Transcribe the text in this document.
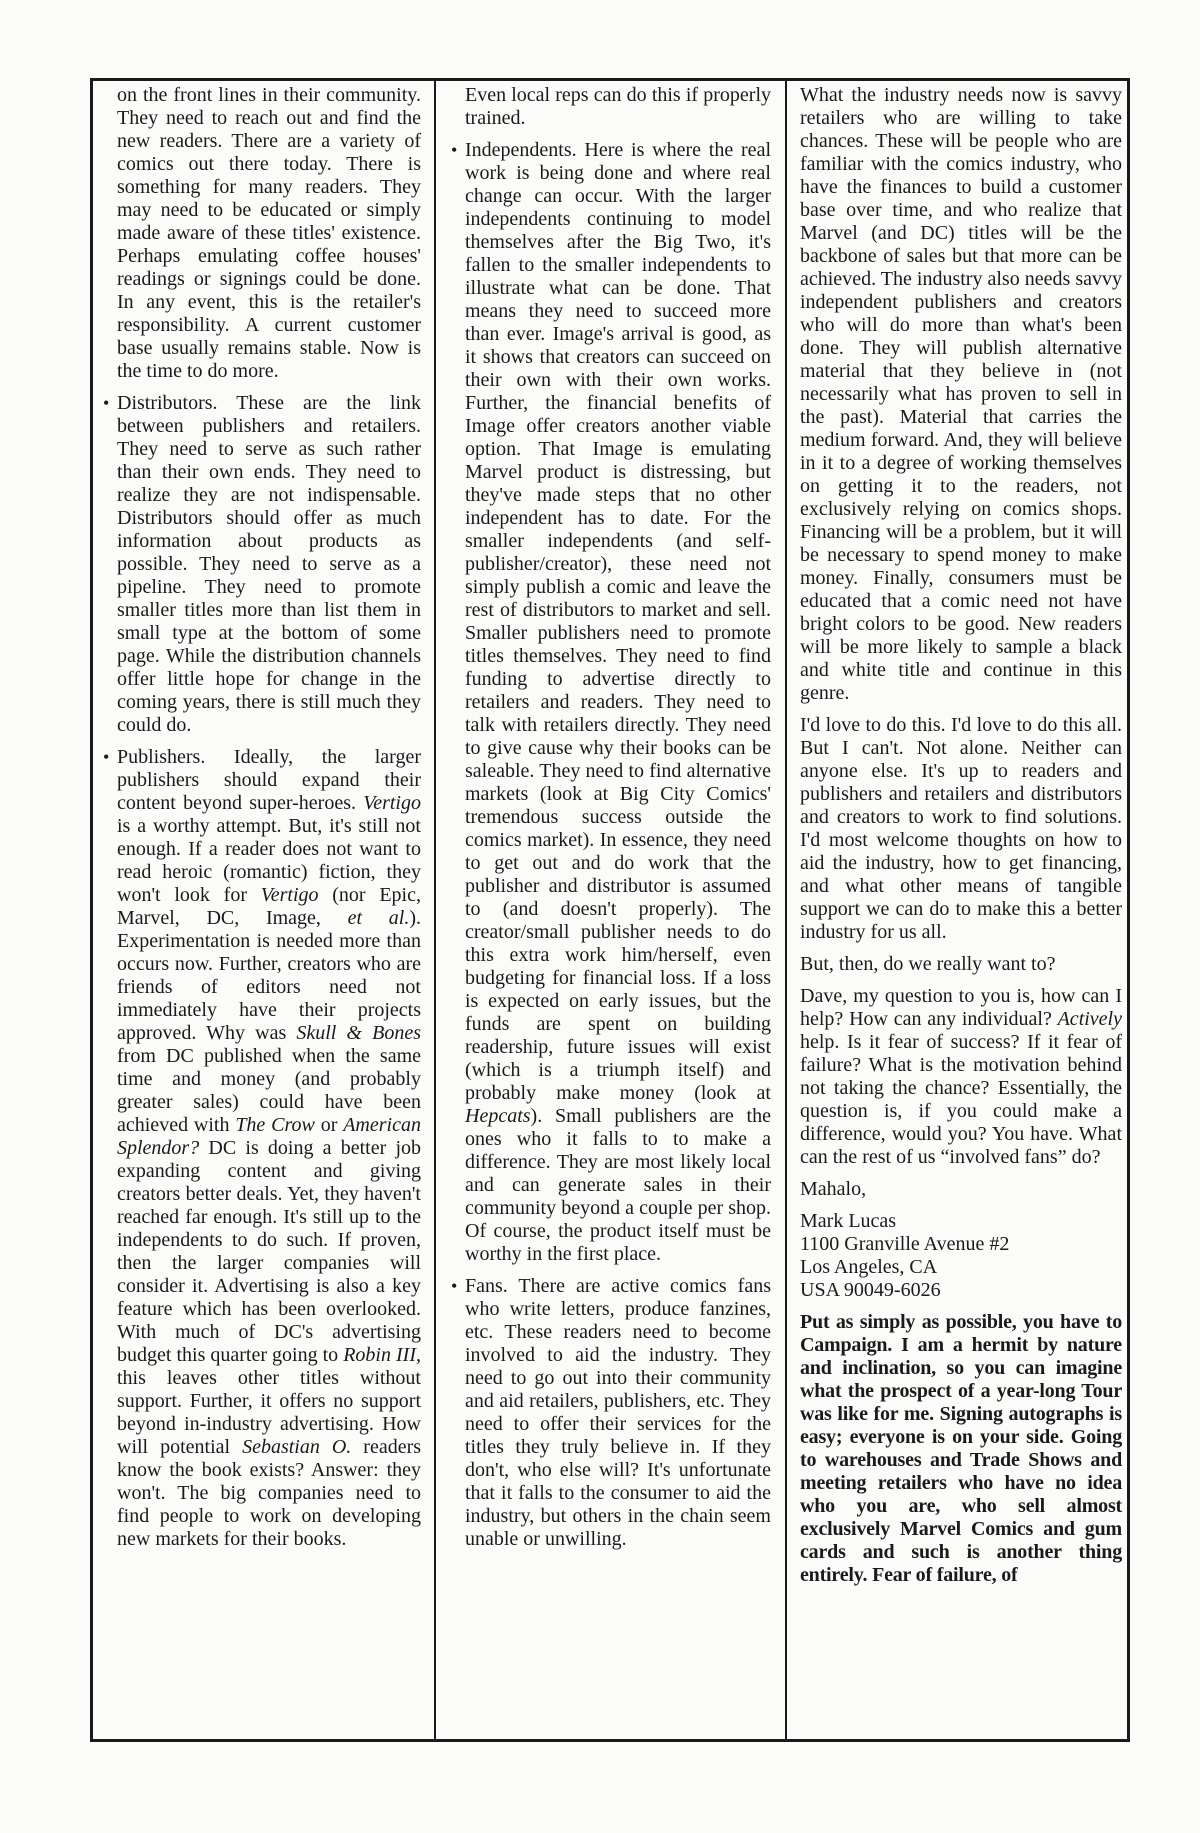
on the front lines in their community. They need to reach out and find the new readers. There are a variety of comics out there today. There is something for many readers. They may need to be educated or simply made aware of these titles' existence. Perhaps emulating coffee houses' readings or signings could be done. In any event, this is the retailer's responsibility. A current customer base usually remains stable. Now is the time to do more.

• Distributors. These are the link between publishers and retailers. They need to serve as such rather than their own ends. They need to realize they are not indispensable. Distributors should offer as much information about products as possible. They need to serve as a pipeline. They need to promote smaller titles more than list them in small type at the bottom of some page. While the distribution channels offer little hope for change in the coming years, there is still much they could do.

• Publishers. Ideally, the larger publishers should expand their content beyond super-heroes. Vertigo is a worthy attempt. But, it's still not enough. If a reader does not want to read heroic (romantic) fiction, they won't look for Vertigo (nor Epic, Marvel, DC, Image, et al.). Experimentation is needed more than occurs now. Further, creators who are friends of editors need not immediately have their projects approved. Why was Skull & Bones from DC published when the same time and money (and probably greater sales) could have been achieved with The Crow or American Splendor? DC is doing a better job expanding content and giving creators better deals. Yet, they haven't reached far enough. It's still up to the independents to do such. If proven, then the larger companies will consider it. Advertising is also a key feature which has been overlooked. With much of DC's advertising budget this quarter going to Robin III, this leaves other titles without support. Further, it offers no support beyond in-industry advertising. How will potential Sebastian O. readers know the book exists? Answer: they won't. The big companies need to find people to work on developing new markets for their books.

Even local reps can do this if properly trained.

• Independents. Here is where the real work is being done and where real change can occur. With the larger independents continuing to model themselves after the Big Two, it's fallen to the smaller independents to illustrate what can be done. That means they need to succeed more than ever. Image's arrival is good, as it shows that creators can succeed on their own with their own works. Further, the financial benefits of Image offer creators another viable option. That Image is emulating Marvel product is distressing, but they've made steps that no other independent has to date. For the smaller independents (and self-publisher/creator), these need not simply publish a comic and leave the rest of distributors to market and sell. Smaller publishers need to promote titles themselves. They need to find funding to advertise directly to retailers and readers. They need to talk with retailers directly. They need to give cause why their books can be saleable. They need to find alternative markets (look at Big City Comics' tremendous success outside the comics market). In essence, they need to get out and do work that the publisher and distributor is assumed to (and doesn't properly). The creator/small publisher needs to do this extra work him/herself, even budgeting for financial loss. If a loss is expected on early issues, but the funds are spent on building readership, future issues will exist (which is a triumph itself) and probably make money (look at Hepcats). Small publishers are the ones who it falls to to make a difference. They are most likely local and can generate sales in their community beyond a couple per shop. Of course, the product itself must be worthy in the first place.

• Fans. There are active comics fans who write letters, produce fanzines, etc. These readers need to become involved to aid the industry. They need to go out into their community and aid retailers, publishers, etc. They need to offer their services for the titles they truly believe in. If they don't, who else will? It's unfortunate that it falls to the consumer to aid the industry, but others in the chain seem unable or unwilling.

What the industry needs now is savvy retailers who are willing to take chances. These will be people who are familiar with the comics industry, who have the finances to build a customer base over time, and who realize that Marvel (and DC) titles will be the backbone of sales but that more can be achieved. The industry also needs savvy independent publishers and creators who will do more than what's been done. They will publish alternative material that they believe in (not necessarily what has proven to sell in the past). Material that carries the medium forward. And, they will believe in it to a degree of working themselves on getting it to the readers, not exclusively relying on comics shops. Financing will be a problem, but it will be necessary to spend money to make money. Finally, consumers must be educated that a comic need not have bright colors to be good. New readers will be more likely to sample a black and white title and continue in this genre.

I'd love to do this. I'd love to do this all. But I can't. Not alone. Neither can anyone else. It's up to readers and publishers and retailers and distributors and creators to work to find solutions. I'd most welcome thoughts on how to aid the industry, how to get financing, and what other means of tangible support we can do to make this a better industry for us all.

But, then, do we really want to?

Dave, my question to you is, how can I help? How can any individual? Actively help. Is it fear of success? If it fear of failure? What is the motivation behind not taking the chance? Essentially, the question is, if you could make a difference, would you? You have. What can the rest of us “involved fans” do?

Mahalo,

Mark Lucas

1100 Granville Avenue #2

Los Angeles, CA

USA 90049-6026

Put as simply as possible, you have to Campaign. I am a hermit by nature and inclination, so you can imagine what the prospect of a year-long Tour was like for me. Signing autographs is easy; everyone is on your side. Going to warehouses and Trade Shows and meeting retailers who have no idea who you are, who sell almost exclusively Marvel Comics and gum cards and such is another thing entirely. Fear of failure, of
